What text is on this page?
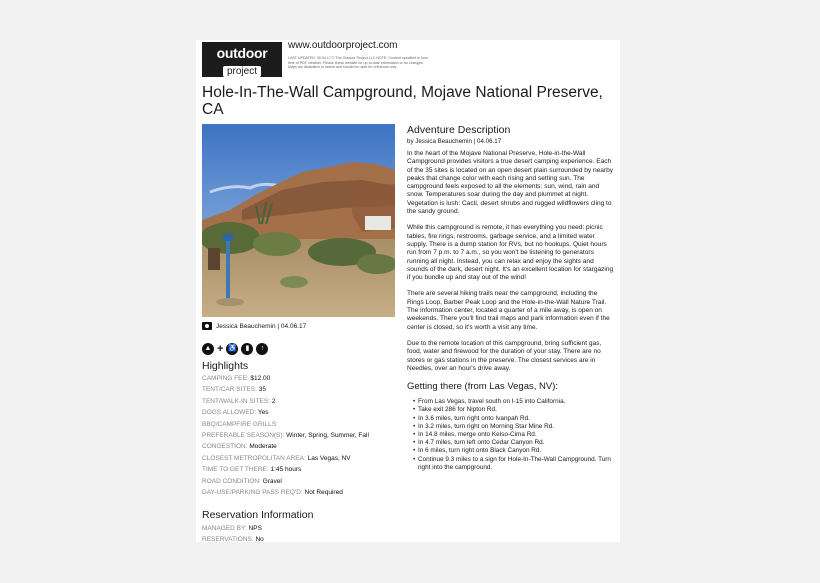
outdoor
project
www.outdoorproject.com
LAST UPDATED: 05.04.17 © The Outdoor Project LLC NOTE: Content specified is from time of PDF creation. Please check website for up-to-date information or for changes. Maps are illustrative in nature and should be used for reference only.
Hole-In-The-Wall Campground, Mojave National Preserve, CA
Jessica Beauchemin | 04.06.17
▲ + ♿	▮	↑
Highlights
CAMPING FEE: $12.00
TENT/CAR SITES: 35
TENT/WALK-IN SITES: 2
DOGS ALLOWED: Yes
BBQ/CAMPFIRE GRILLS:
PREFERABLE SEASON(S): Winter, Spring, Summer, Fall
CONGESTION: Moderate
CLOSEST METROPOLITAN AREA: Las Vegas, NV
TIME TO GET THERE: 1:45 hours
ROAD CONDITION: Gravel
DAY-USE/PARKING PASS REQ'D: Not Required
Reservation Information
MANAGED BY: NPS
RESERVATIONS: No
Adventure Description
by Jessica Beauchemin | 04.06.17

In the heart of the Mojave National Preserve, Hole-in-the-Wall Campground provides visitors a true desert camping experience. Each of the 35 sites is located on an open desert plain surrounded by nearby peaks that change color with each rising and setting sun. The campground feels exposed to all the elements: sun, wind, rain and snow. Temperatures soar during the day and plummet at night. Vegetation is lush: Cacti, desert shrubs and rugged wildflowers cling to the sandy ground.

While this campground is remote, it has everything you need: picnic tables, fire rings, restrooms, garbage service, and a limited water supply. There is a dump station for RVs, but no hookups. Quiet hours run from 7 p.m. to 7 a.m., so you won't be listening to generators running all night. Instead, you can relax and enjoy the sights and sounds of the dark, desert night. It's an excellent location for stargazing if you bundle up and stay out of the wind!

There are several hiking trails near the campground, including the Rings Loop, Barber Peak Loop and the Hole-in-the-Wall Nature Trail. The information center, located a quarter of a mile away, is open on weekends. There you'll find trail maps and park information even if the center is closed, so it's worth a visit any time.

Due to the remote location of this campground, bring sufficient gas, food, water and firewood for the duration of your stay. There are no stores or gas stations in the preserve. The closest services are in Needles, over an hour's drive away.

Getting there (from Las Vegas, NV):
• From Las Vegas, travel south on I-15 into California.
• Take exit 286 for Nipton Rd.
• In 3.6 miles, turn right onto Ivanpah Rd.
• In 3.2 miles, turn right on Morning Star Mine Rd.
• In 14.8 miles, merge onto Kelso-Cima Rd.
• In 4.7 miles, turn left onto Cedar Canyon Rd.
• In 6 miles, turn right onto Black Canyon Rd.
• Continue 9.3 miles to a sign for Hole-In-The-Wall Campground. Turn right into the campground.
